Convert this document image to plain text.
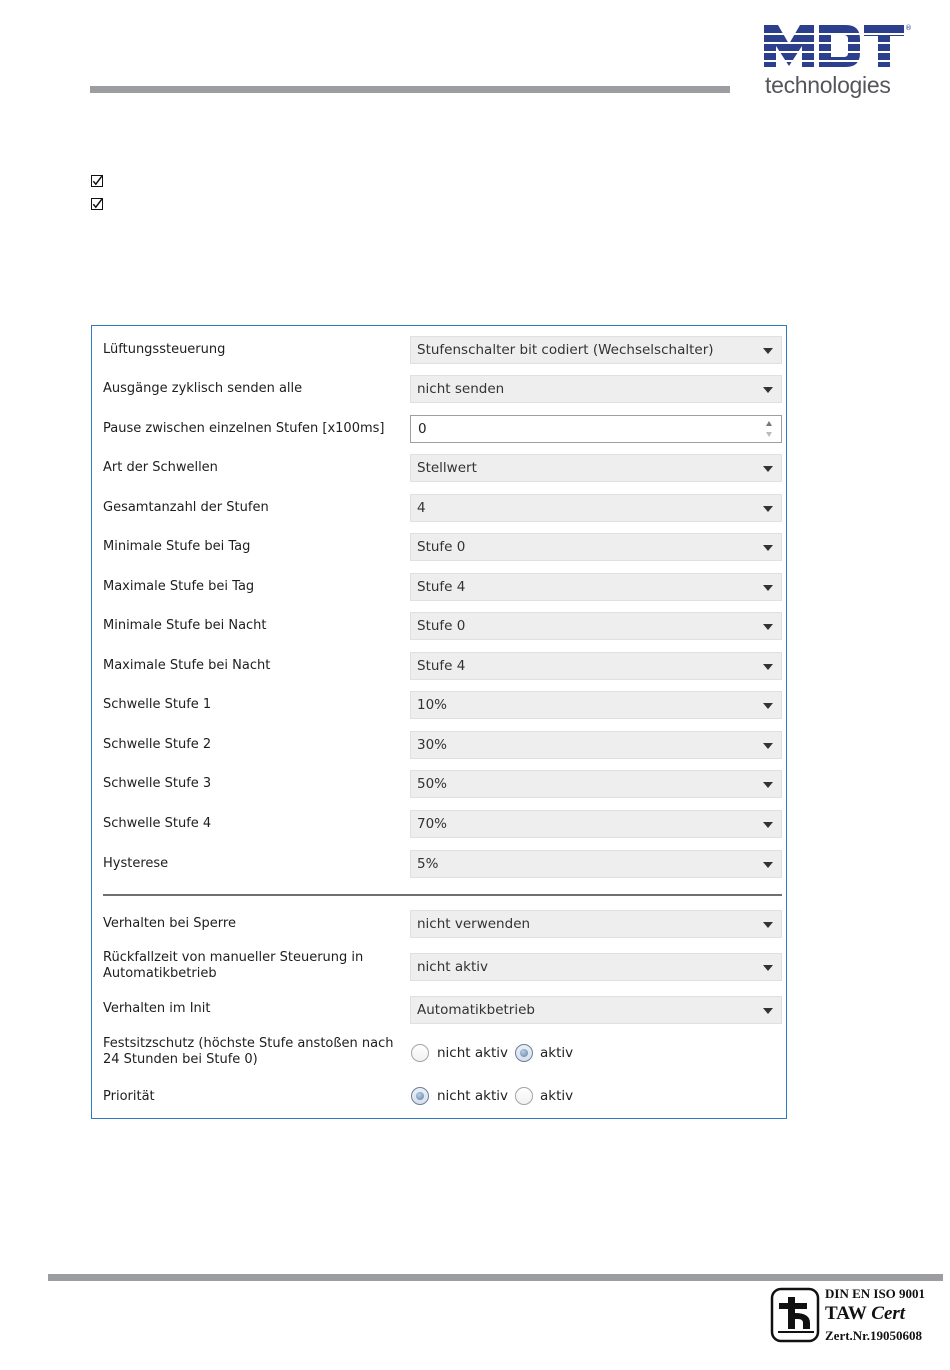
®
technologies
Lüftungssteuerung	Stufenschalter bit codiert (Wechselschalter)
Ausgänge zyklisch senden alle	nicht senden
Pause zwischen einzelnen Stufen [x100ms] 0
Art der Schwellen	Stellwert
Gesamtanzahl der Stufen	4
Minimale Stufe bei Tag	Stufe 0
Maximale Stufe bei Tag	Stufe 4
Minimale Stufe bei Nacht	Stufe 0
Maximale Stufe bei Nacht	Stufe 4
Schwelle Stufe 1	10%
Schwelle Stufe 2	30%
Schwelle Stufe 3	50%
Schwelle Stufe 4	70%
Hysterese	5%
Verhalten bei Sperre	nicht verwenden
Rückfallzeit von manueller Steuerung in Automatikbetrieb	nicht aktiv
Verhalten im Init	Automatikbetrieb
Festsitzschutz (höchste Stufe anstoßen nach 24 Stunden bei Stufe 0)	nicht aktiv aktiv
Priorität	nicht aktiv aktiv
DIN EN ISO 9001
TAW Cert
Zert.Nr.19050608
